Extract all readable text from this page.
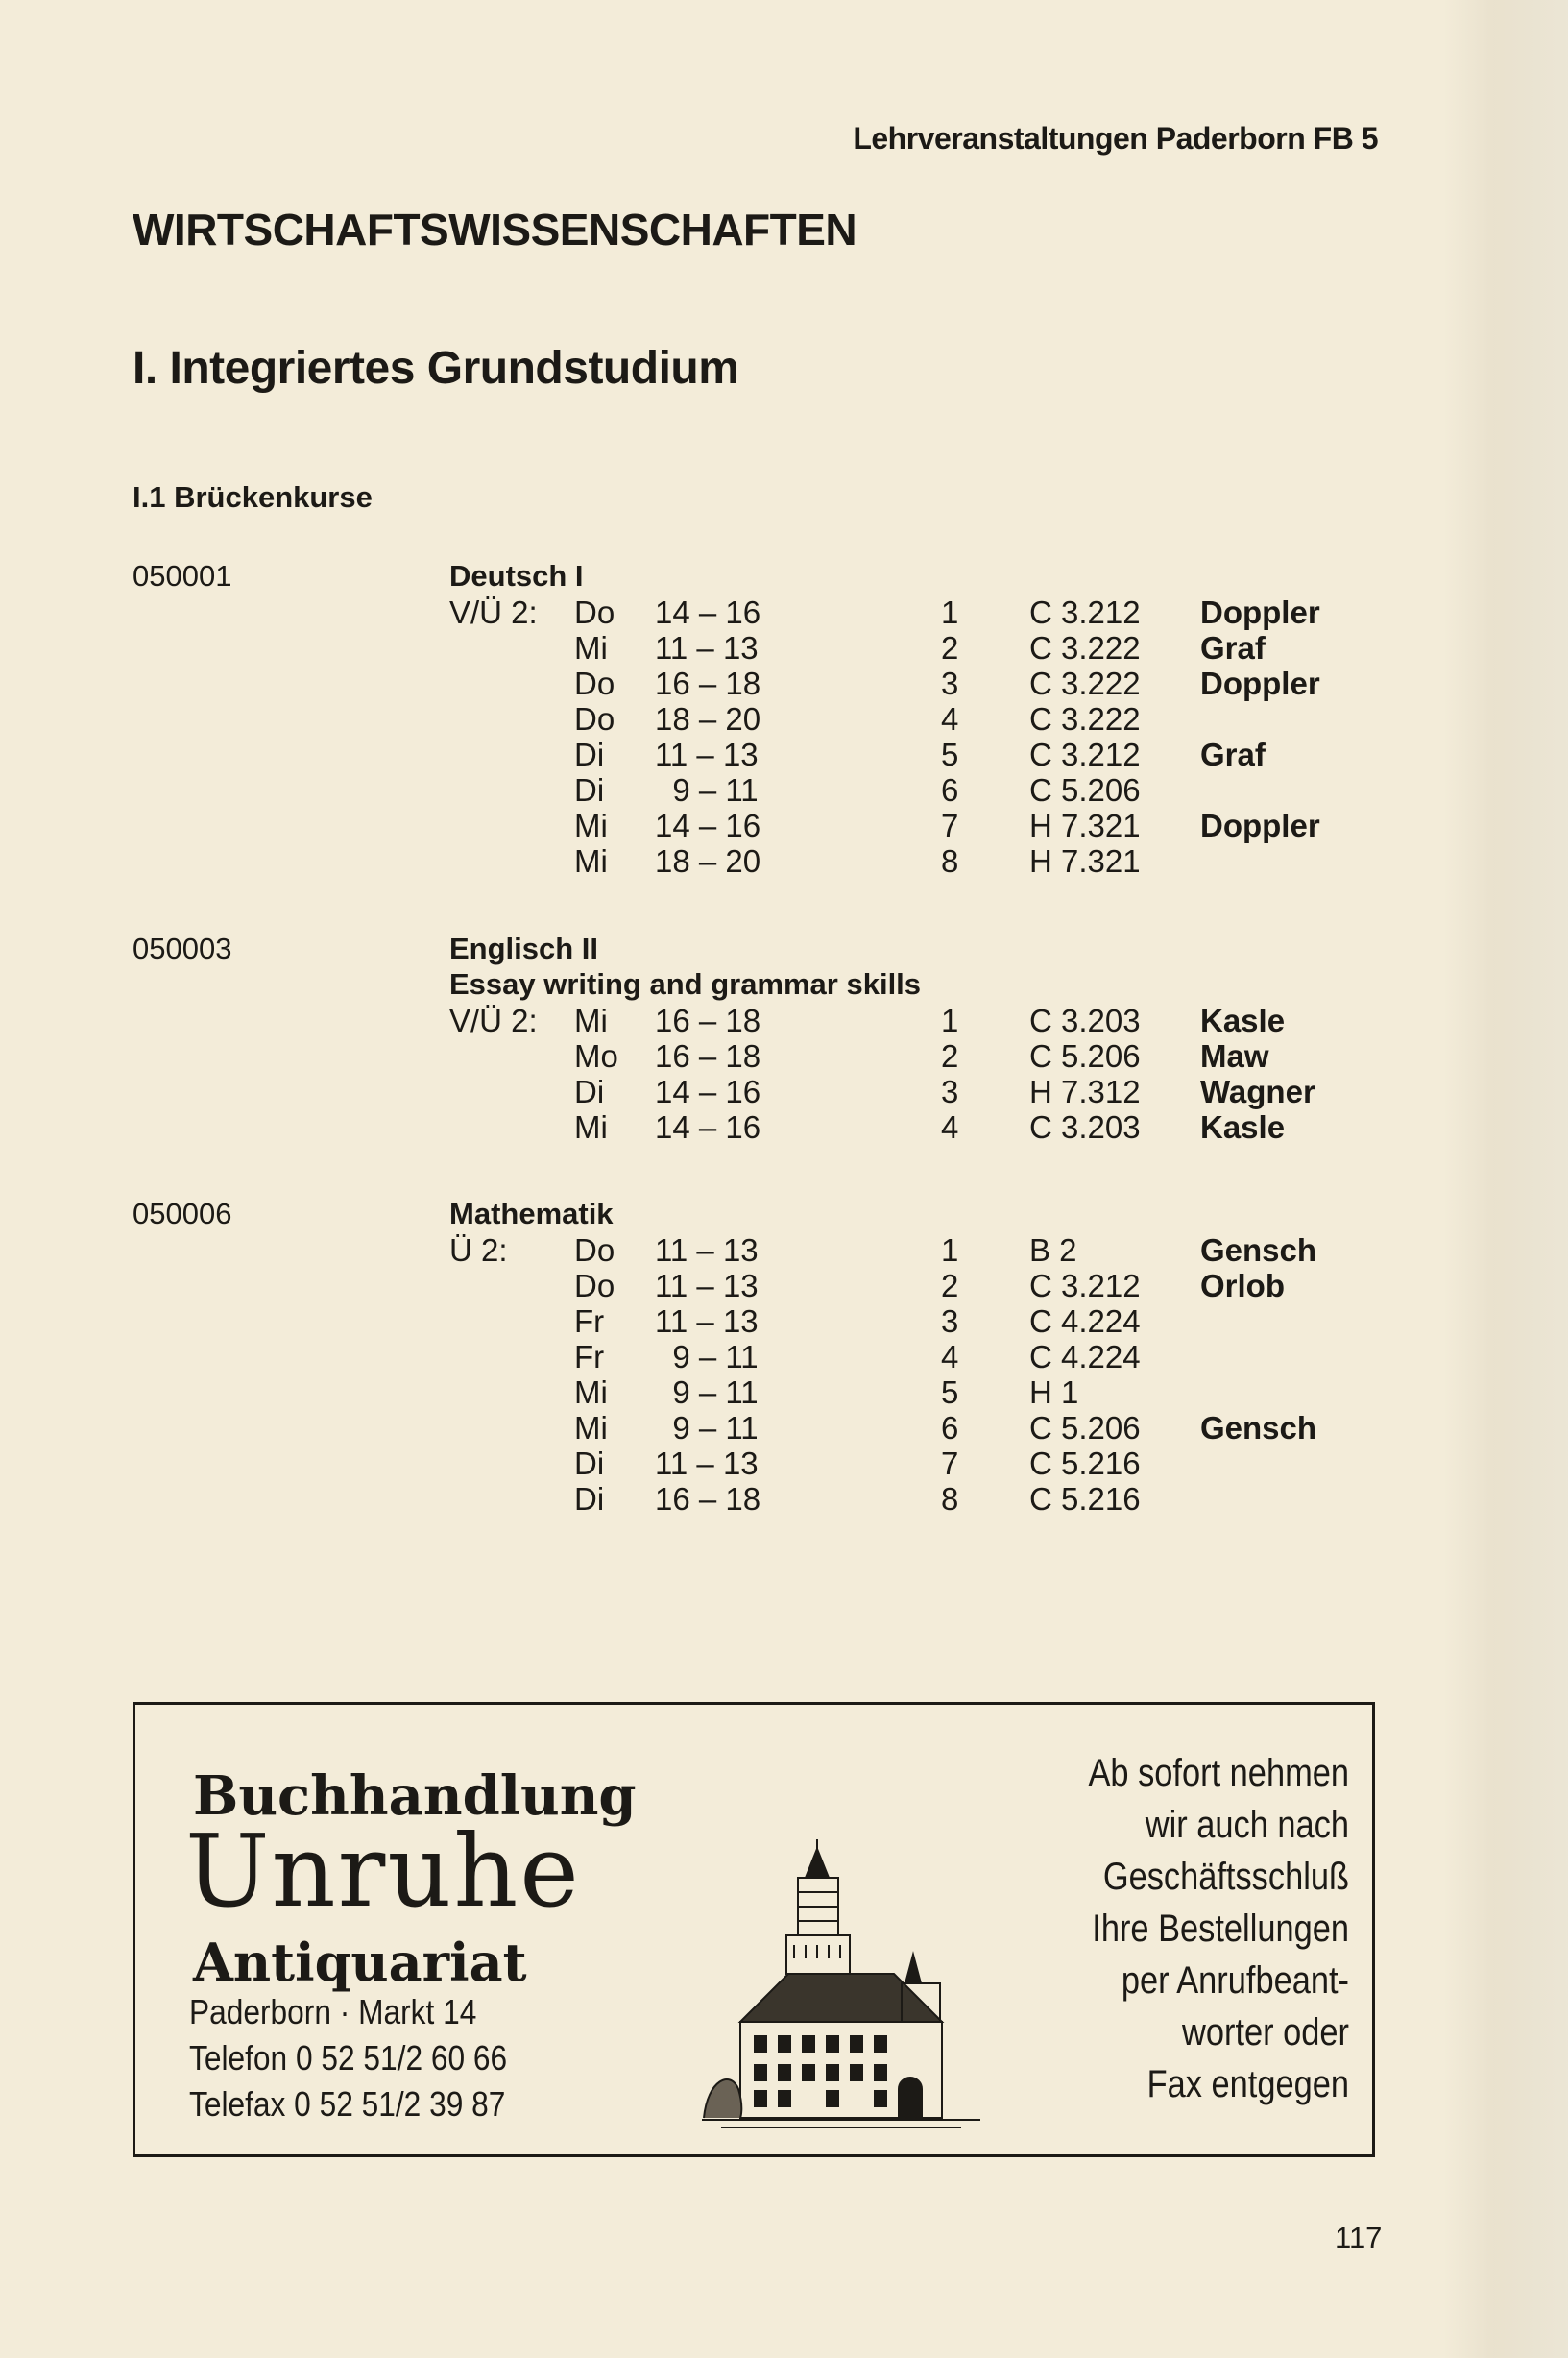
Lehrveranstaltungen Paderborn FB 5
WIRTSCHAFTSWISSENSCHAFTEN
I. Integriertes Grundstudium
I.1 Brückenkurse
050001	Deutsch I
V/Ü 2: Do 14 – 16	1 C 3.212 Doppler
Mi 11 – 13	2 C 3.222 Graf
Do 16 – 18	3 C 3.222 Doppler
Do 18 – 20	4 C 3.222
Di 11 – 13	5 C 3.212 Graf
Di 9 – 11	6 C 5.206
Mi 14 – 16	7 H 7.321 Doppler
Mi 18 – 20	8 H 7.321
050003	Englisch II
Essay writing and grammar skills
V/Ü 2: Mi 16 – 18	1 C 3.203 Kasle
Mo 16 – 18	2 C 5.206 Maw
Di 14 – 16	3 H 7.312 Wagner
Mi 14 – 16	4 C 3.203 Kasle
050006	Mathematik
Ü 2: Do 11 – 13	1 B 2	Gensch
Do 11 – 13	2 C 3.212 Orlob
Fr 11 – 13	3 C 4.224
Fr 9 – 11	4 C 4.224
Mi 9 – 11	5 H 1
Mi 9 – 11	6 C 5.206 Gensch
Di 11 – 13	7 C 5.216
Di 16 – 18	8 C 5.216
Buchhandlung
Unruhe
Antiquariat
Paderborn · Markt 14
Telefon 0 52 51/2 60 66
Telefax 0 52 51/2 39 87
Ab sofort nehmen
wir auch nach
Geschäftsschluß
Ihre Bestellungen
per Anrufbeant-
worter oder
Fax entgegen
117
